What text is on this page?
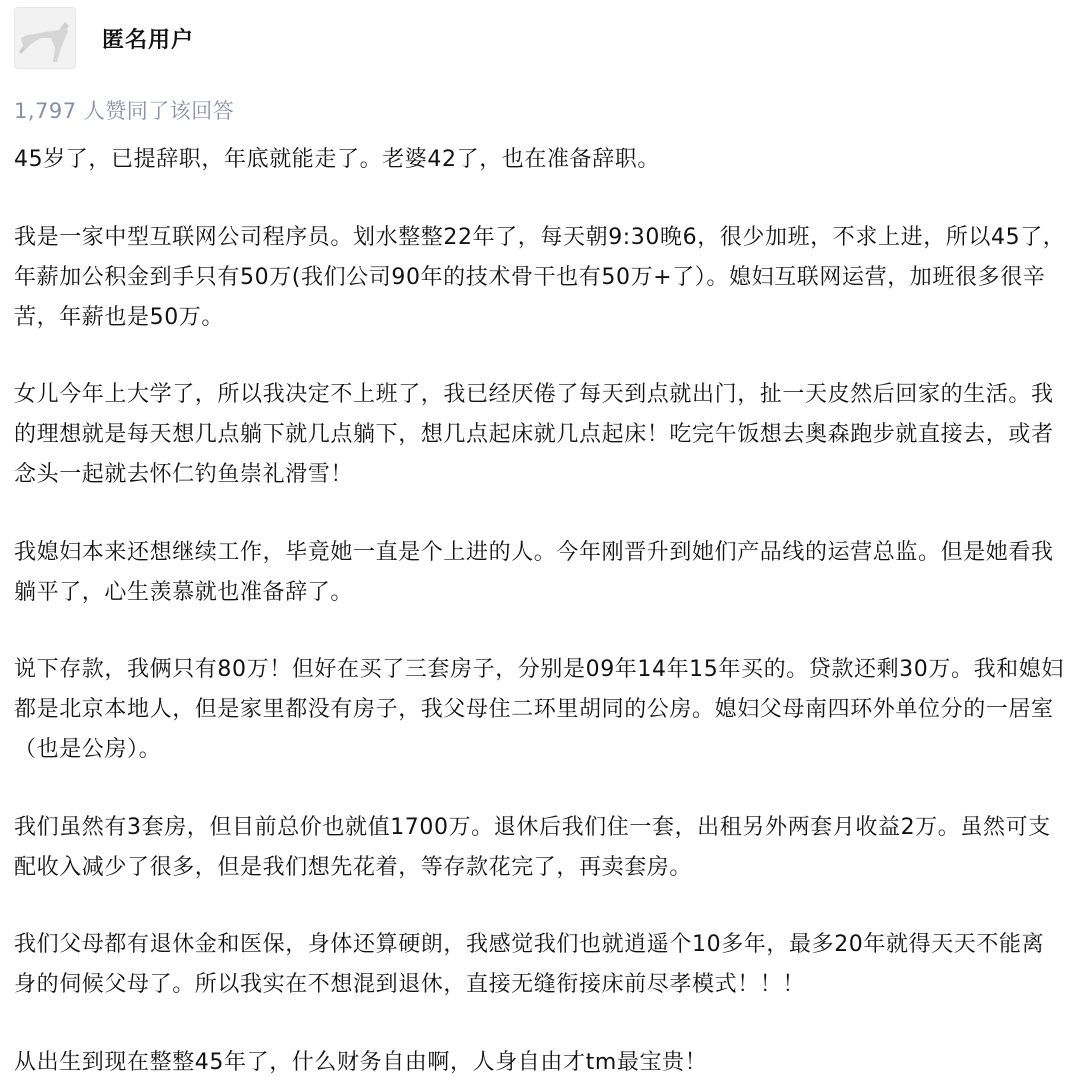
匿名用户
1,797 人赞同了该回答

45岁了，已提辞职，年底就能走了。老婆42了，也在准备辞职。

我是一家中型互联网公司程序员。划水整整22年了，每天朝9:30晚6，很少加班，不求上进，所以45了，年薪加公积金到手只有50万(我们公司90年的技术骨干也有50万+了）。媳妇互联网运营，加班很多很辛苦，年薪也是50万。

女儿今年上大学了，所以我决定不上班了，我已经厌倦了每天到点就出门，扯一天皮然后回家的生活。我的理想就是每天想几点躺下就几点躺下，想几点起床就几点起床！吃完午饭想去奥森跑步就直接去，或者念头一起就去怀仁钓鱼崇礼滑雪！

我媳妇本来还想继续工作，毕竟她一直是个上进的人。今年刚晋升到她们产品线的运营总监。但是她看我躺平了，心生羡慕就也准备辞了。

说下存款，我俩只有80万！但好在买了三套房子，分别是09年14年15年买的。贷款还剩30万。我和媳妇都是北京本地人，但是家里都没有房子，我父母住二环里胡同的公房。媳妇父母南四环外单位分的一居室（也是公房）。

我们虽然有3套房，但目前总价也就值1700万。退休后我们住一套，出租另外两套月收益2万。虽然可支配收入减少了很多，但是我们想先花着，等存款花完了，再卖套房。

我们父母都有退休金和医保，身体还算硬朗，我感觉我们也就逍遥个10多年，最多20年就得天天不能离身的伺候父母了。所以我实在不想混到退休，直接无缝衔接床前尽孝模式！！！

从出生到现在整整45年了，什么财务自由啊，人身自由才tm最宝贵！
